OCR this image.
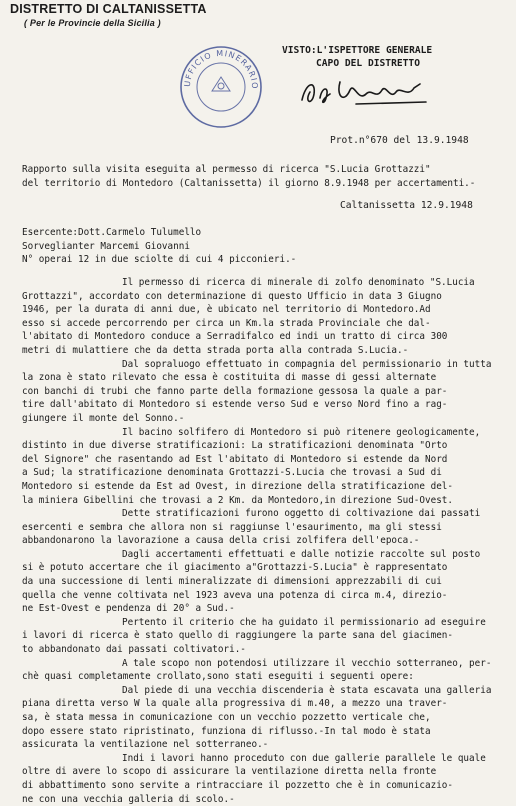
DISTRETTO DI CALTANISSETTA
( Per le Provincie della Sicilia )
UFFICIO MINERARIO
VISTO:L'ISPETTORE GENERALE
CAPO DEL DISTRETTO
Prot.n°670 del 13.9.1948
Rapporto sulla visita eseguita al permesso di ricerca "S.Lucia Grottazzi"
del territorio di Montedoro (Caltanissetta) il giorno 8.9.1948 per accertamenti.-
Caltanissetta 12.9.1948
Esercente:Dott.Carmelo Tulumello
Sorveglianter Marcemi Giovanni
N° operai 12 in due sciolte di cui 4 picconieri.-
Il permesso di ricerca di minerale di zolfo denominato "S.Lucia
Grottazzi", accordato con determinazione di questo Ufficio in data 3 Giugno
1946, per la durata di anni due, è ubicato nel territorio di Montedoro.Ad
esso si accede percorrendo per circa un Km.la strada Provinciale che dal-
l'abitato di Montedoro conduce a Serradifalco ed indi un tratto di circa 300
metri di mulattiere che da detta strada porta alla contrada S.Lucia.-
Dal sopraluogo effettuato in compagnia del permissionario in tutta
la zona è stato rilevato che essa è costituita di masse di gessi alternate
con banchi di trubi che fanno parte della formazione gessosa la quale a par-
tire dall'abitato di Montedoro si estende verso Sud e verso Nord fino a rag-
giungere il monte del Sonno.-
Il bacino solfifero di Montedoro si può ritenere geologicamente,
distinto in due diverse stratificazioni: La stratificazioni denominata "Orto
del Signore" che rasentando ad Est l'abitato di Montedoro si estende da Nord
a Sud; la stratificazione denominata Grottazzi-S.Lucia che trovasi a Sud di
Montedoro si estende da Est ad Ovest, in direzione della stratificazione del-
la miniera Gibellini che trovasi a 2 Km. da Montedoro,in direzione Sud-Ovest.
Dette stratificazioni furono oggetto di coltivazione dai passati
esercenti e sembra che allora non si raggiunse l'esaurimento, ma gli stessi
abbandonarono la lavorazione a causa della crisi zolfifera dell'epoca.-
Dagli accertamenti effettuati e dalle notizie raccolte sul posto
si è potuto accertare che il giacimento a"Grottazzi-S.Lucia" è rappresentato
da una successione di lenti mineralizzate di dimensioni apprezzabili di cui
quella che venne coltivata nel 1923 aveva una potenza di circa m.4, direzio-
ne Est-Ovest e pendenza di 20° a Sud.-
Pertento il criterio che ha guidato il permissionario ad eseguire
i lavori di ricerca è stato quello di raggiungere la parte sana del giacimen-
to abbandonato dai passati coltivatori.-
A tale scopo non potendosi utilizzare il vecchio sotterraneo, per-
chè quasi completamente crollato,sono stati eseguiti i seguenti opere:
Dal piede di una vecchia discenderia è stata escavata una galleria
piana diretta verso W la quale alla progressiva di m.40, a mezzo una traver-
sa, è stata messa in comunicazione con un vecchio pozzetto verticale che,
dopo essere stato ripristinato, funziona di riflusso.-In tal modo è stata
assicurata la ventilazione nel sotterraneo.-
Indi i lavori hanno proceduto con due gallerie parallele le quale
oltre di avere lo scopo di assicurare la ventilazione diretta nella fronte
di abbattimento sono servite a rintracciare il pozzetto che è in comunicazio-
ne con una vecchia galleria di scolo.-
